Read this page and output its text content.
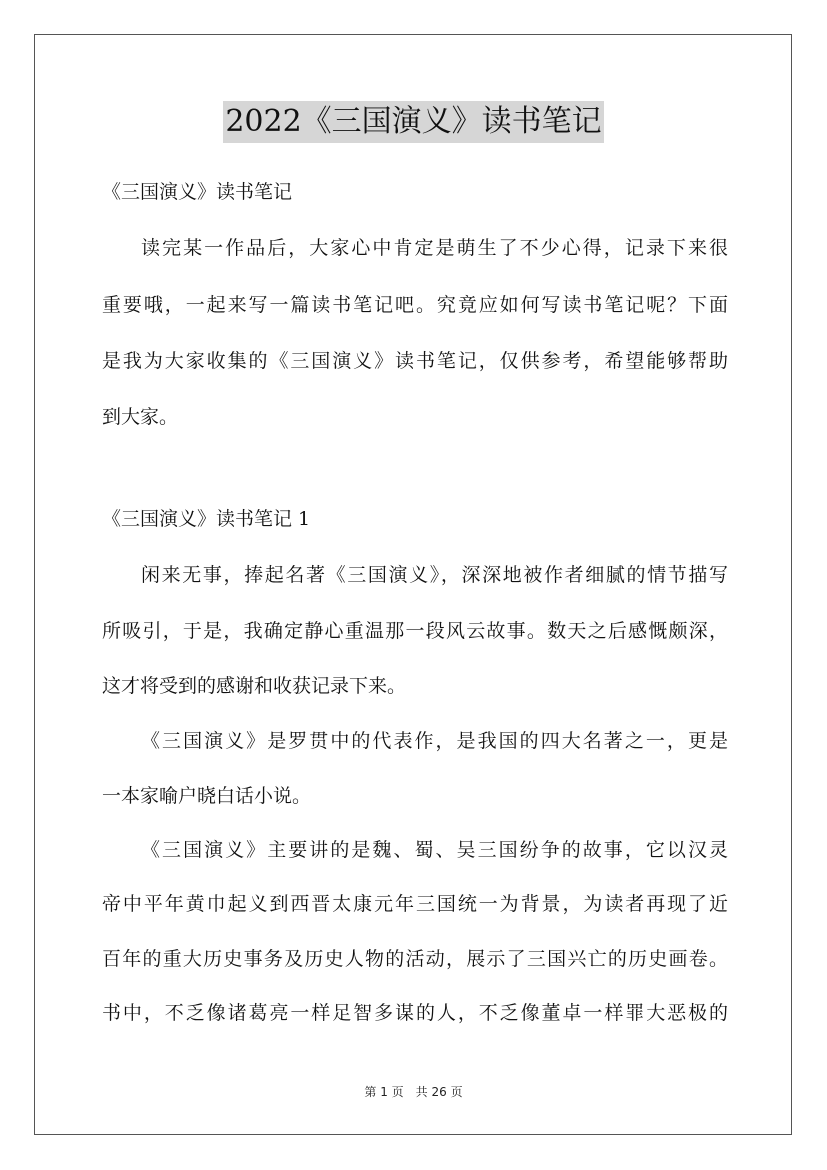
2022《三国演义》读书笔记
《三国演义》读书笔记
读完某一作品后，大家心中肯定是萌生了不少心得，记录下来很
重要哦，一起来写一篇读书笔记吧。究竟应如何写读书笔记呢？下面
是我为大家收集的《三国演义》读书笔记，仅供参考，希望能够帮助
到大家。
《三国演义》读书笔记 1
闲来无事，捧起名著《三国演义》，深深地被作者细腻的情节描写
所吸引，于是，我确定静心重温那一段风云故事。数天之后感慨颇深，
这才将受到的感谢和收获记录下来。
《三国演义》是罗贯中的代表作，是我国的四大名著之一，更是
一本家喻户晓白话小说。
《三国演义》主要讲的是魏、蜀、吴三国纷争的故事，它以汉灵
帝中平年黄巾起义到西晋太康元年三国统一为背景，为读者再现了近
百年的重大历史事务及历史人物的活动，展示了三国兴亡的历史画卷。
书中，不乏像诸葛亮一样足智多谋的人，不乏像董卓一样罪大恶极的
第 1 页　共 26 页
